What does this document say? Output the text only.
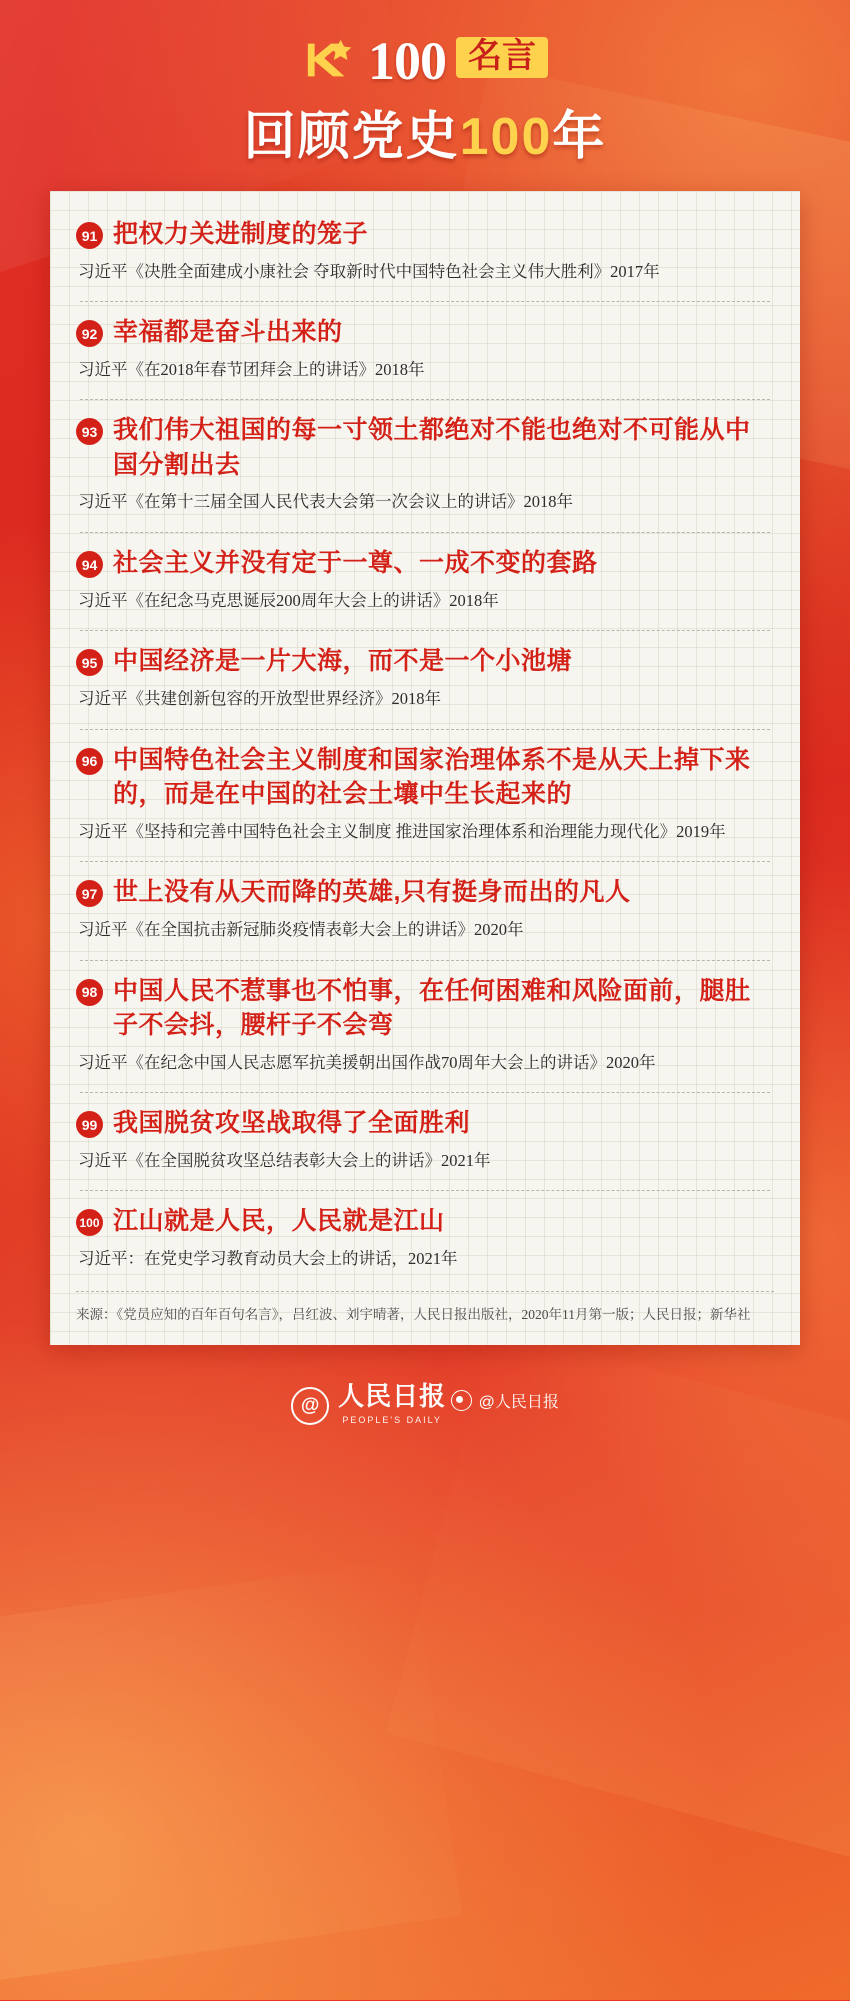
100 名言
回顾党史100年
91 把权力关进制度的笼子
习近平《决胜全面建成小康社会 夺取新时代中国特色社会主义伟大胜利》2017年
92 幸福都是奋斗出来的
习近平《在2018年春节团拜会上的讲话》2018年
93 我们伟大祖国的每一寸领土都绝对不能也绝对不可能从中国分割出去
习近平《在第十三届全国人民代表大会第一次会议上的讲话》2018年
94 社会主义并没有定于一尊、一成不变的套路
习近平《在纪念马克思诞辰200周年大会上的讲话》2018年
95 中国经济是一片大海，而不是一个小池塘
习近平《共建创新包容的开放型世界经济》2018年
96 中国特色社会主义制度和国家治理体系不是从天上掉下来的，而是在中国的社会土壤中生长起来的
习近平《坚持和完善中国特色社会主义制度 推进国家治理体系和治理能力现代化》2019年
97 世上没有从天而降的英雄,只有挺身而出的凡人
习近平《在全国抗击新冠肺炎疫情表彰大会上的讲话》2020年
98 中国人民不惹事也不怕事，在任何困难和风险面前，腿肚子不会抖，腰杆子不会弯
习近平《在纪念中国人民志愿军抗美援朝出国作战70周年大会上的讲话》2020年
99 我国脱贫攻坚战取得了全面胜利
习近平《在全国脱贫攻坚总结表彰大会上的讲话》2021年
100 江山就是人民，人民就是江山
习近平：在党史学习教育动员大会上的讲话，2021年
来源：《党员应知的百年百句名言》，吕红波、刘宇晴著，人民日报出版社，2020年11月第一版；人民日报；新华社
@ 人民日报
PEOPLE'S DAILY

@人民日报
